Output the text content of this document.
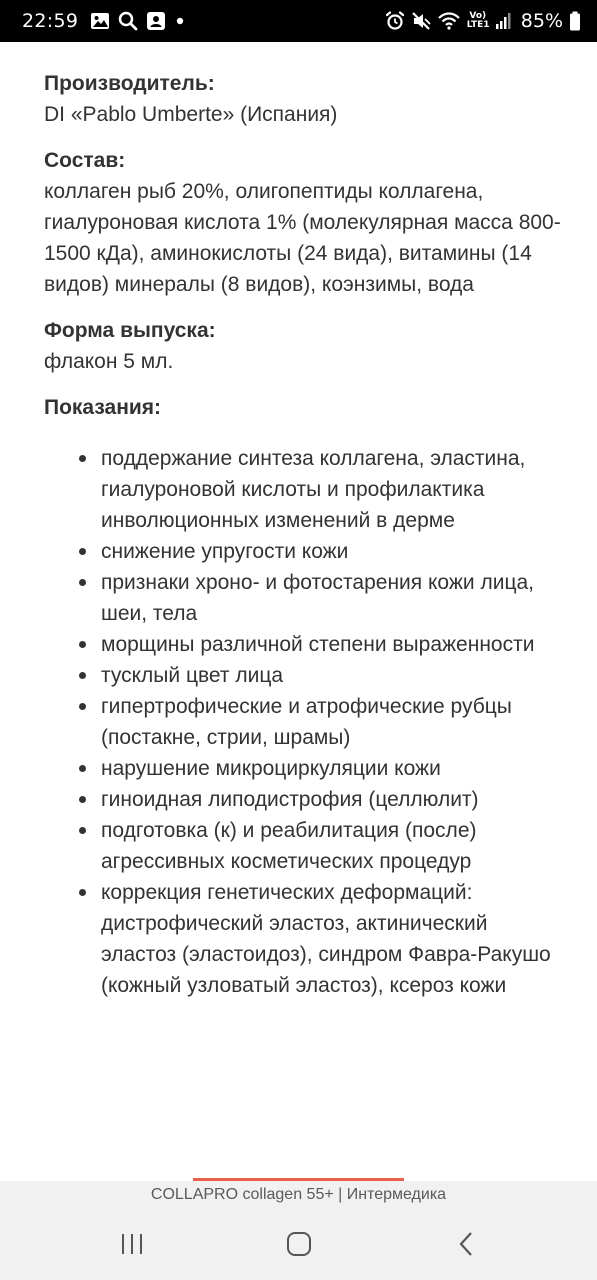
22:59	Vo) LTE1 85%

Производитель:

DI «Pablo Umberte» (Испания)

Состав:

коллаген рыб 20%, олигопептиды коллагена, гиалуроновая кислота 1% (молекулярная масса 800- 1500 кДа), аминокислоты (24 вида), витамины (14 видов) минералы (8 видов), коэнзимы, вода

Форма выпуска:

флакон 5 мл.

Показания:

поддержание синтеза коллагена, эластина, гиалуроновой кислоты и профилактика инволюционных изменений в дерме
снижение упругости кожи
признаки хроно- и фотостарения кожи лица, шеи, тела
морщины различной степени выраженности
тусклый цвет лица
гипертрофические и атрофические рубцы (постакне, стрии, шрамы)
нарушение микроциркуляции кожи
гиноидная липодистрофия (целлюлит)
подготовка (к) и реабилитация (после) агрессивных косметических процедур
коррекция генетических деформаций: дистрофический эластоз, актинический эластоз (эластоидоз), синдром Фавра-Ракушо (кожный узловатый эластоз), ксероз кожи
COLLAPRO collagen 55+ | Интермедика
